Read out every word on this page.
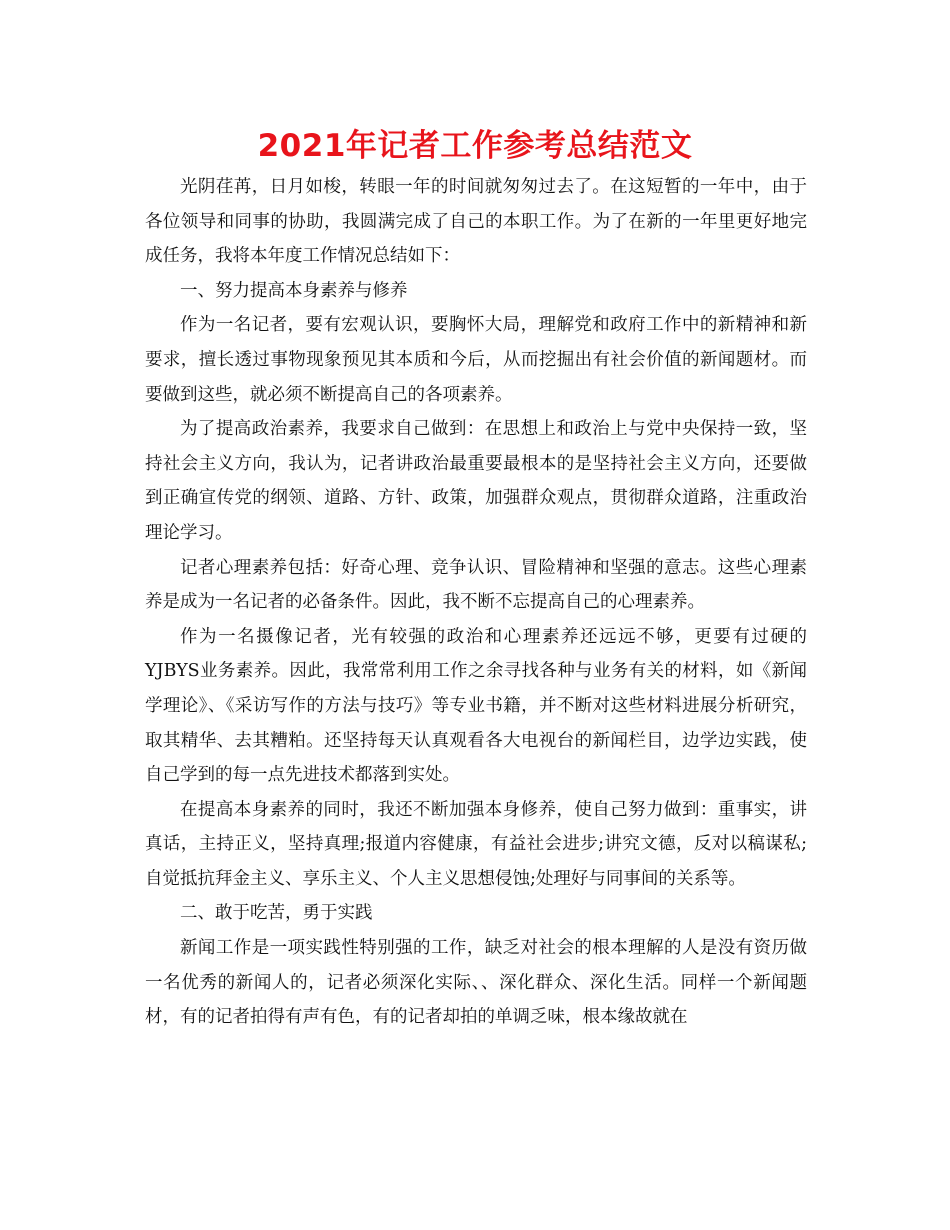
2021年记者工作参考总结范文

光阴荏苒，日月如梭，转眼一年的时间就匆匆过去了。在这短暂的一年中，由于各位领导和同事的协助，我圆满完成了自己的本职工作。为了在新的一年里更好地完成任务，我将本年度工作情况总结如下：

一、努力提高本身素养与修养

作为一名记者，要有宏观认识，要胸怀大局，理解党和政府工作中的新精神和新要求，擅长透过事物现象预见其本质和今后，从而挖掘出有社会价值的新闻题材。而要做到这些，就必须不断提高自己的各项素养。

为了提高政治素养，我要求自己做到：在思想上和政治上与党中央保持一致，坚持社会主义方向，我认为，记者讲政治最重要最根本的是坚持社会主义方向，还要做到正确宣传党的纲领、道路、方针、政策，加强群众观点，贯彻群众道路，注重政治理论学习。

记者心理素养包括：好奇心理、竞争认识、冒险精神和坚强的意志。这些心理素养是成为一名记者的必备条件。因此，我不断不忘提高自己的心理素养。

作为一名摄像记者，光有较强的政治和心理素养还远远不够，更要有过硬的YJBYS业务素养。因此，我常常利用工作之余寻找各种与业务有关的材料，如《新闻学理论》、《采访写作的方法与技巧》等专业书籍，并不断对这些材料进展分析研究，取其精华、去其糟粕。还坚持每天认真观看各大电视台的新闻栏目，边学边实践，使自己学到的每一点先进技术都落到实处。

在提高本身素养的同时，我还不断加强本身修养，使自己努力做到：重事实，讲真话，主持正义，坚持真理;报道内容健康，有益社会进步;讲究文德，反对以稿谋私;自觉抵抗拜金主义、享乐主义、个人主义思想侵蚀;处理好与同事间的关系等。

二、敢于吃苦，勇于实践

新闻工作是一项实践性特别强的工作，缺乏对社会的根本理解的人是没有资历做一名优秀的新闻人的，记者必须深化实际、、深化群众、深化生活。同样一个新闻题材，有的记者拍得有声有色，有的记者却拍的单调乏味，根本缘故就在
